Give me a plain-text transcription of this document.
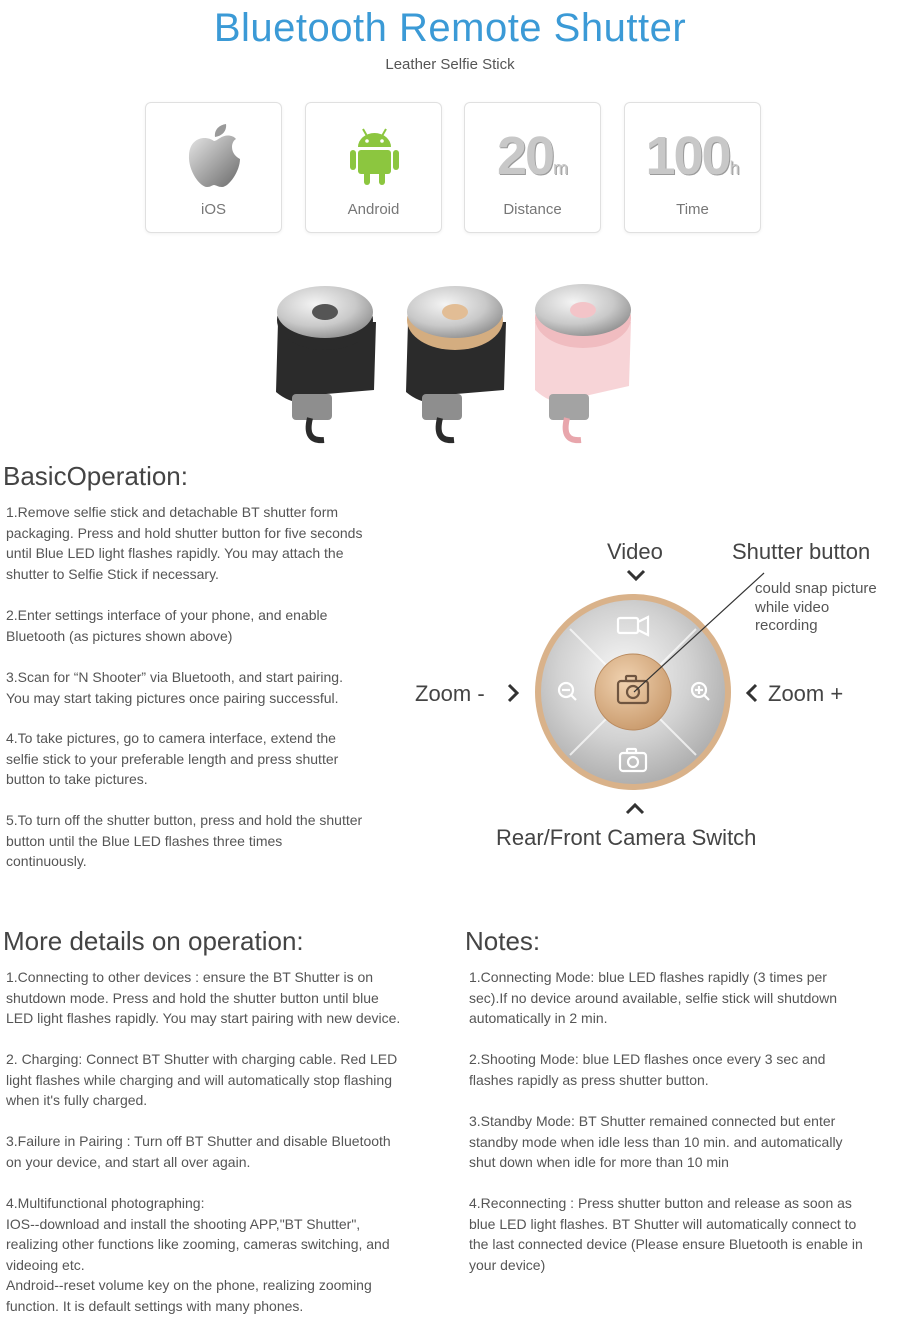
Bluetooth Remote Shutter
Leather Selfie Stick
iOS	Android
20m
Distance
100h
Time
BasicOperation:
1.Remove selfie stick and detachable BT shutter form
packaging. Press and hold shutter button for five seconds
until Blue LED light flashes rapidly. You may attach the
shutter to Selfie Stick if necessary.
2.Enter settings interface of your phone, and enable
Bluetooth (as pictures shown above)
3.Scan for “N Shooter” via Bluetooth, and start pairing.
You may start taking pictures once pairing successful.
4.To take pictures, go to camera interface, extend the
selfie stick to your preferable length and press shutter
button to take pictures.
5.To turn off the shutter button, press and hold the shutter
button until the Blue LED flashes three times
continuously.
Video	Shutter button
could snap picture
while video
recording
Zoom -	Zoom +
Rear/Front Camera Switch
More details on operation:
1.Connecting to other devices : ensure the BT Shutter is on
shutdown mode. Press and hold the shutter button until blue
LED light flashes rapidly. You may start pairing with new device.
2. Charging: Connect BT Shutter with charging cable. Red LED
light flashes while charging and will automatically stop flashing
when it's fully charged.
3.Failure in Pairing : Turn off BT Shutter and disable Bluetooth
on your device, and start all over again.
4.Multifunctional photographing:
IOS--download and install the shooting APP,"BT Shutter",
realizing other functions like zooming, cameras switching, and
videoing etc.
Android--reset volume key on the phone, realizing zooming
function. It is default settings with many phones.
Notes:
1.Connecting Mode: blue LED flashes rapidly (3 times per
sec).If no device around available, selfie stick will shutdown
automatically in 2 min.
2.Shooting Mode: blue LED flashes once every 3 sec and
flashes rapidly as press shutter button.
3.Standby Mode: BT Shutter remained connected but enter
standby mode when idle less than 10 min. and automatically
shut down when idle for more than 10 min
4.Reconnecting : Press shutter button and release as soon as
blue LED light flashes. BT Shutter will automatically connect to
the last connected device (Please ensure Bluetooth is enable in
your device)
